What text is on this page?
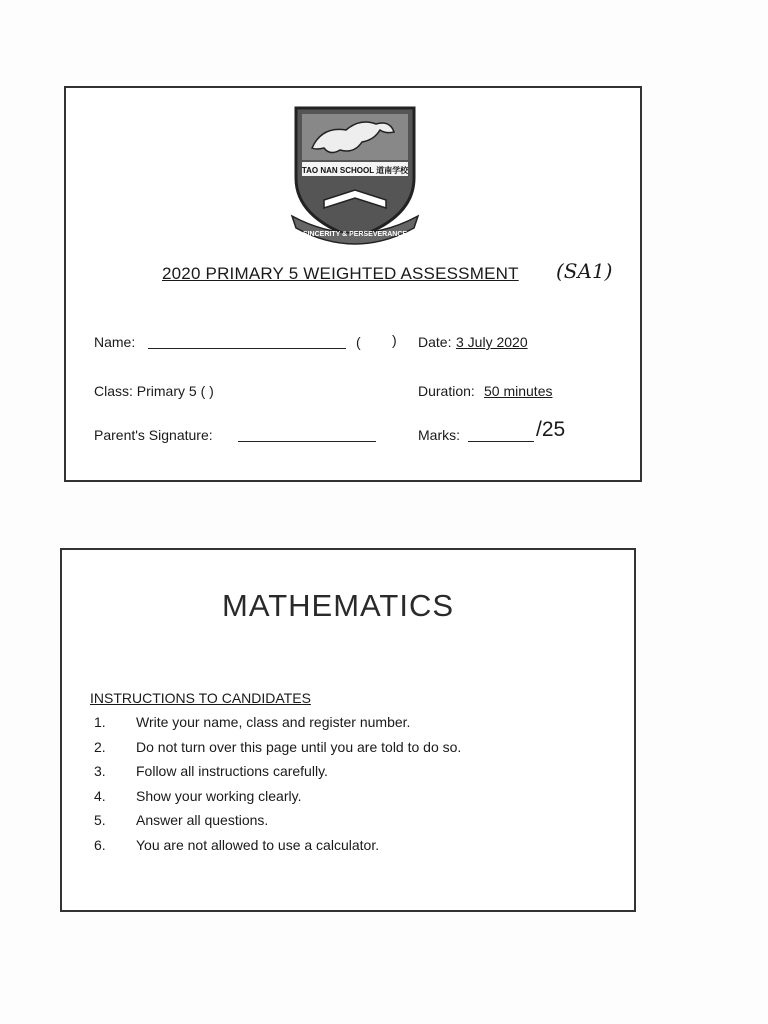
TAO NAN SCHOOL 道南学校
SINCERITY & PERSEVERANCE
2020 PRIMARY 5 WEIGHTED ASSESSMENT (SA1)
Name:	( ) Date: 3 July 2020
Class: Primary 5 ( )	Duration: 50 minutes
Parent's Signature:	Marks:	/25
MATHEMATICS
INSTRUCTIONS TO CANDIDATES
1. Write your name, class and register number.
2. Do not turn over this page until you are told to do so.
3. Follow all instructions carefully.
4. Show your working clearly.
5. Answer all questions.
6. You are not allowed to use a calculator.
